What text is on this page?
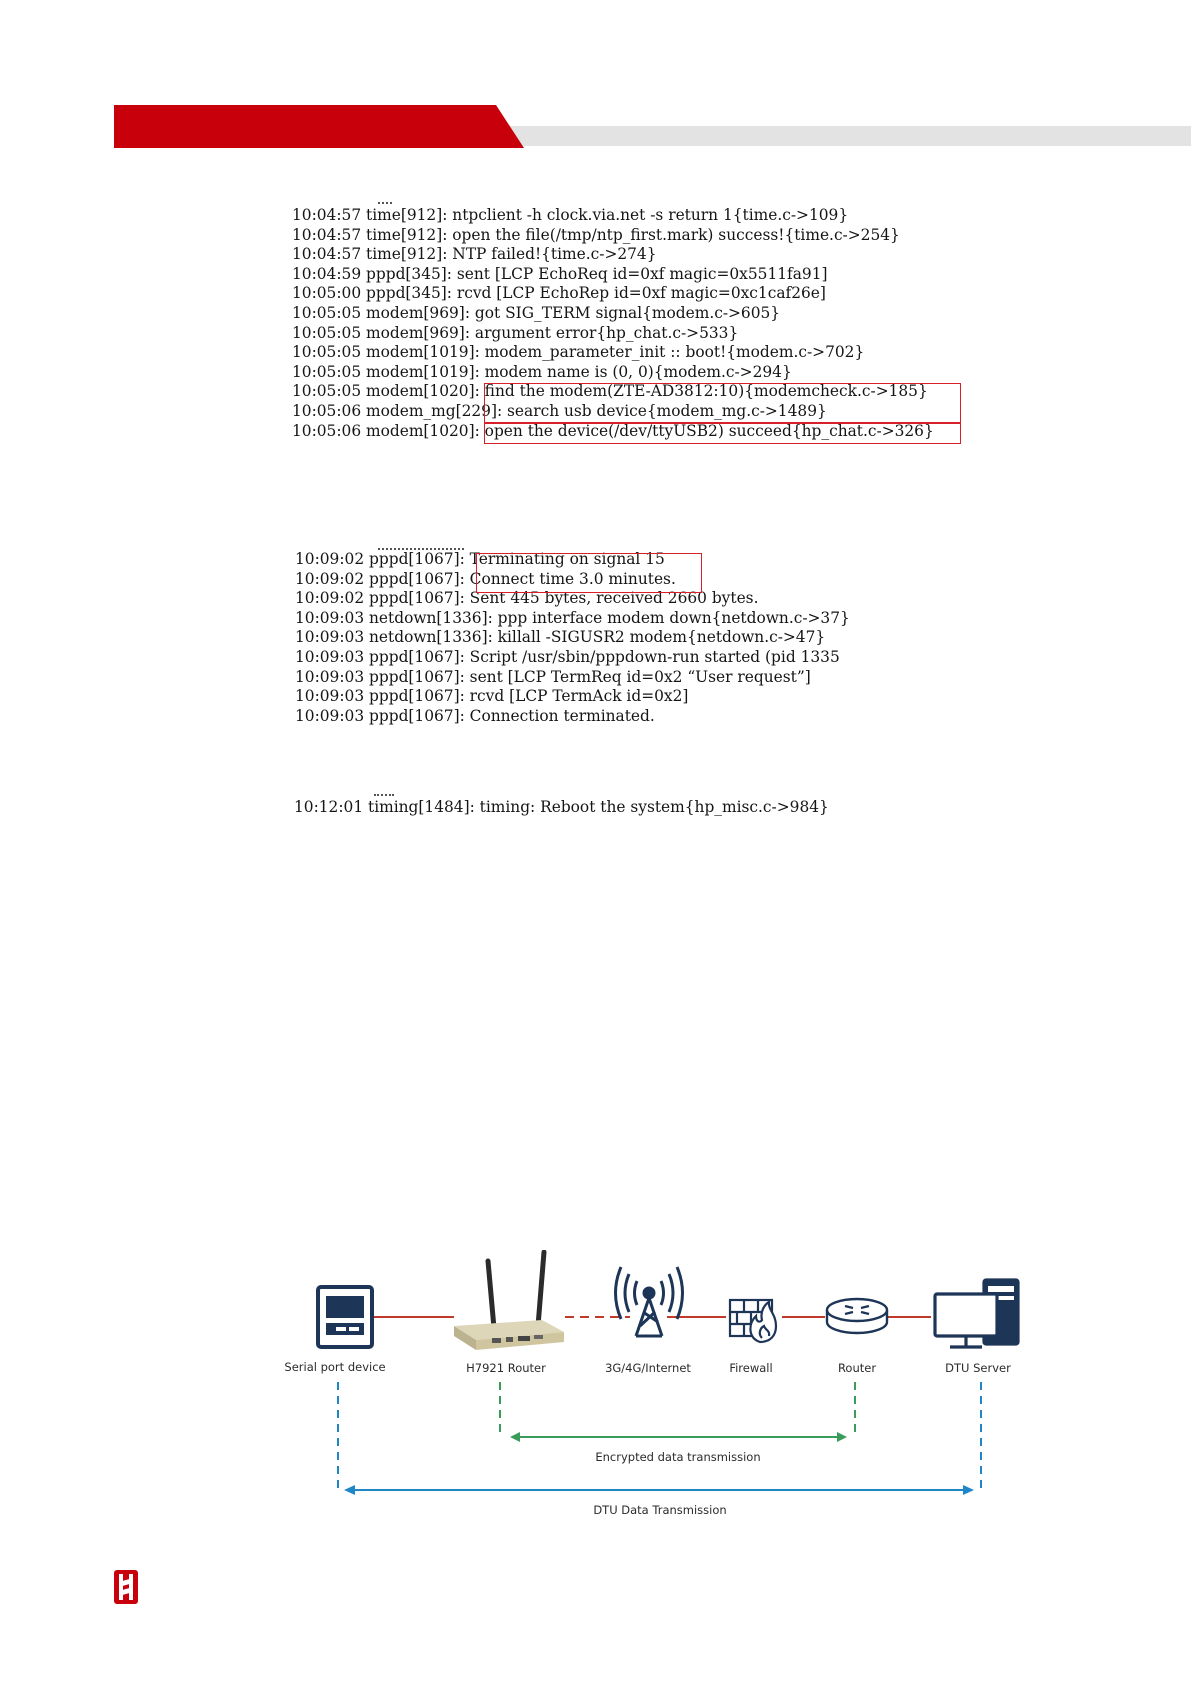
10:04:57 time[912]: ntpclient -h clock.via.net -s return 1{time.c->109}
10:04:57 time[912]: open the file(/tmp/ntp_first.mark) success!{time.c->254}
10:04:57 time[912]: NTP failed!{time.c->274}
10:04:59 pppd[345]: sent [LCP EchoReq id=0xf magic=0x5511fa91]
10:05:00 pppd[345]: rcvd [LCP EchoRep id=0xf magic=0xc1caf26e]
10:05:05 modem[969]: got SIG_TERM signal{modem.c->605}
10:05:05 modem[969]: argument error{hp_chat.c->533}
10:05:05 modem[1019]: modem_parameter_init :: boot!{modem.c->702}
10:05:05 modem[1019]: modem name is (0, 0){modem.c->294}
10:05:05 modem[1020]: find the modem(ZTE-AD3812:10){modemcheck.c->185}
10:05:06 modem_mg[229]: search usb device{modem_mg.c->1489}
10:05:06 modem[1020]: open the device(/dev/ttyUSB2) succeed{hp_chat.c->326}
10:09:02 pppd[1067]: Terminating on signal 15
10:09:02 pppd[1067]: Connect time 3.0 minutes.
10:09:02 pppd[1067]: Sent 445 bytes, received 2660 bytes.
10:09:03 netdown[1336]: ppp interface modem down{netdown.c->37}
10:09:03 netdown[1336]: killall -SIGUSR2 modem{netdown.c->47}
10:09:03 pppd[1067]: Script /usr/sbin/pppdown-run started (pid 1335
10:09:03 pppd[1067]: sent [LCP TermReq id=0x2 “User request”]
10:09:03 pppd[1067]: rcvd [LCP TermAck id=0x2]
10:09:03 pppd[1067]: Connection terminated.
10:12:01 timing[1484]: timing: Reboot the system{hp_misc.c->984}
Serial port device	H7921 Router	3G/4G/Internet	Firewall	Router	DTU Server
Encrypted data transmission
DTU Data Transmission
